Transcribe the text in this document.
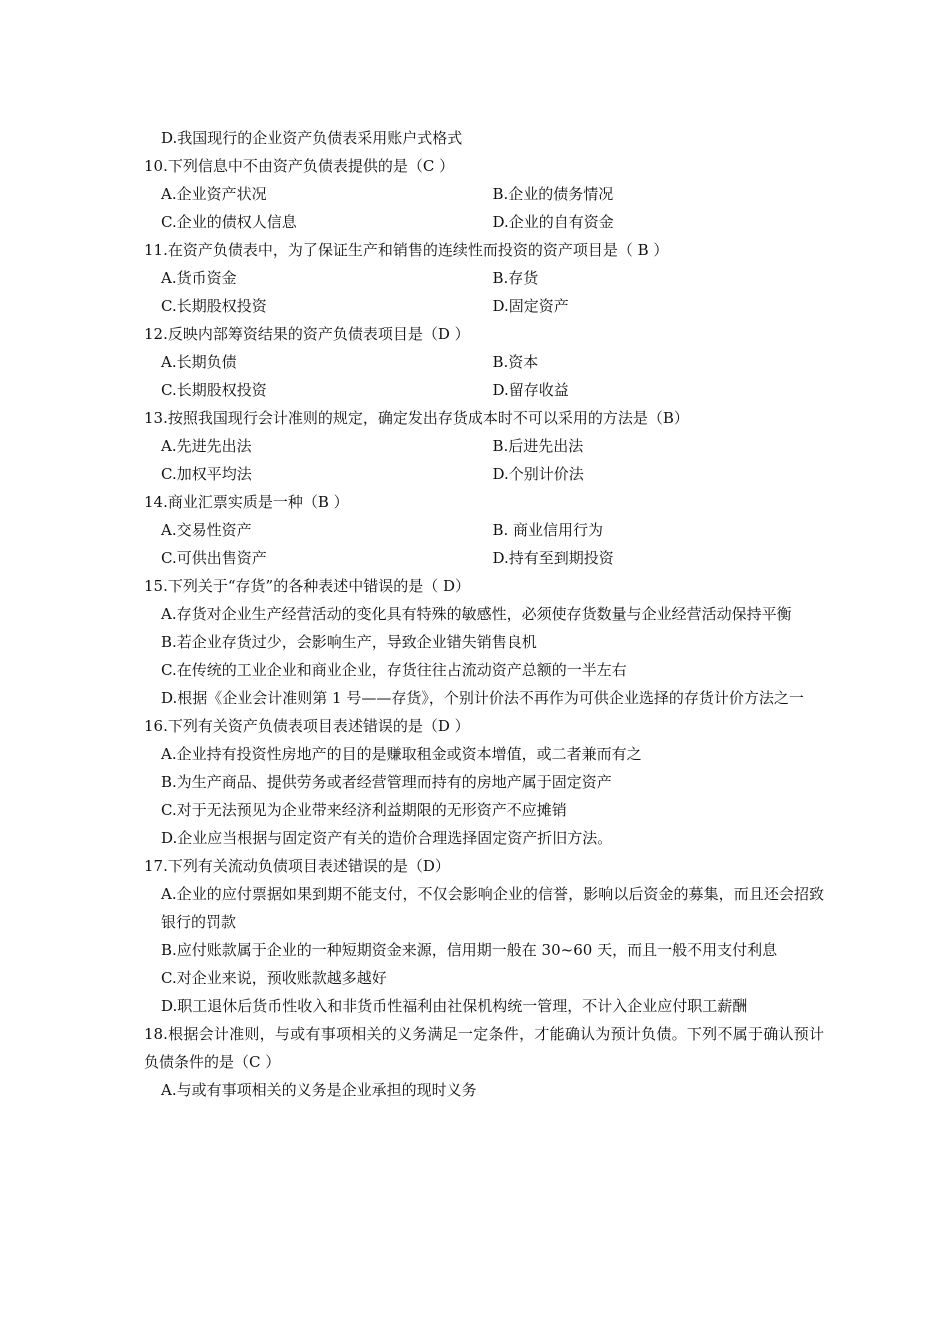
D.我国现行的企业资产负债表采用账户式格式

10.下列信息中不由资产负债表提供的是（C ）

A.企业资产状况	B.企业的债务情况
C.企业的债权人信息	D.企业的自有资金

11.在资产负债表中，为了保证生产和销售的连续性而投资的资产项目是（ B ）

A.货币资金	B.存货
C.长期股权投资	D.固定资产

12.反映内部筹资结果的资产负债表项目是（D ）

A.长期负债	B.资本
C.长期股权投资	D.留存收益

13.按照我国现行会计准则的规定，确定发出存货成本时不可以采用的方法是（B）

A.先进先出法	B.后进先出法
C.加权平均法	D.个别计价法

14.商业汇票实质是一种（B ）

A.交易性资产	B. 商业信用行为
C.可供出售资产	D.持有至到期投资

15.下列关于“存货”的各种表述中错误的是（ D）

A.存货对企业生产经营活动的变化具有特殊的敏感性，必须使存货数量与企业经营活动保持平衡

B.若企业存货过少，会影响生产，导致企业错失销售良机

C.在传统的工业企业和商业企业，存货往往占流动资产总额的一半左右

D.根据《企业会计准则第 1 号——存货》，个别计价法不再作为可供企业选择的存货计价方法之一

16.下列有关资产负债表项目表述错误的是（D ）

A.企业持有投资性房地产的目的是赚取租金或资本增值，或二者兼而有之

B.为生产商品、提供劳务或者经营管理而持有的房地产属于固定资产

C.对于无法预见为企业带来经济利益期限的无形资产不应摊销

D.企业应当根据与固定资产有关的造价合理选择固定资产折旧方法。

17.下列有关流动负债项目表述错误的是（D）

A.企业的应付票据如果到期不能支付，不仅会影响企业的信誉，影响以后资金的募集，而且还会招致银行的罚款

B.应付账款属于企业的一种短期资金来源，信用期一般在 30~60 天，而且一般不用支付利息

C.对企业来说，预收账款越多越好

D.职工退休后货币性收入和非货币性福利由社保机构统一管理，不计入企业应付职工薪酬

18.根据会计准则，与或有事项相关的义务满足一定条件，才能确认为预计负债。下列不属于确认预计负债条件的是（C ）

A.与或有事项相关的义务是企业承担的现时义务
